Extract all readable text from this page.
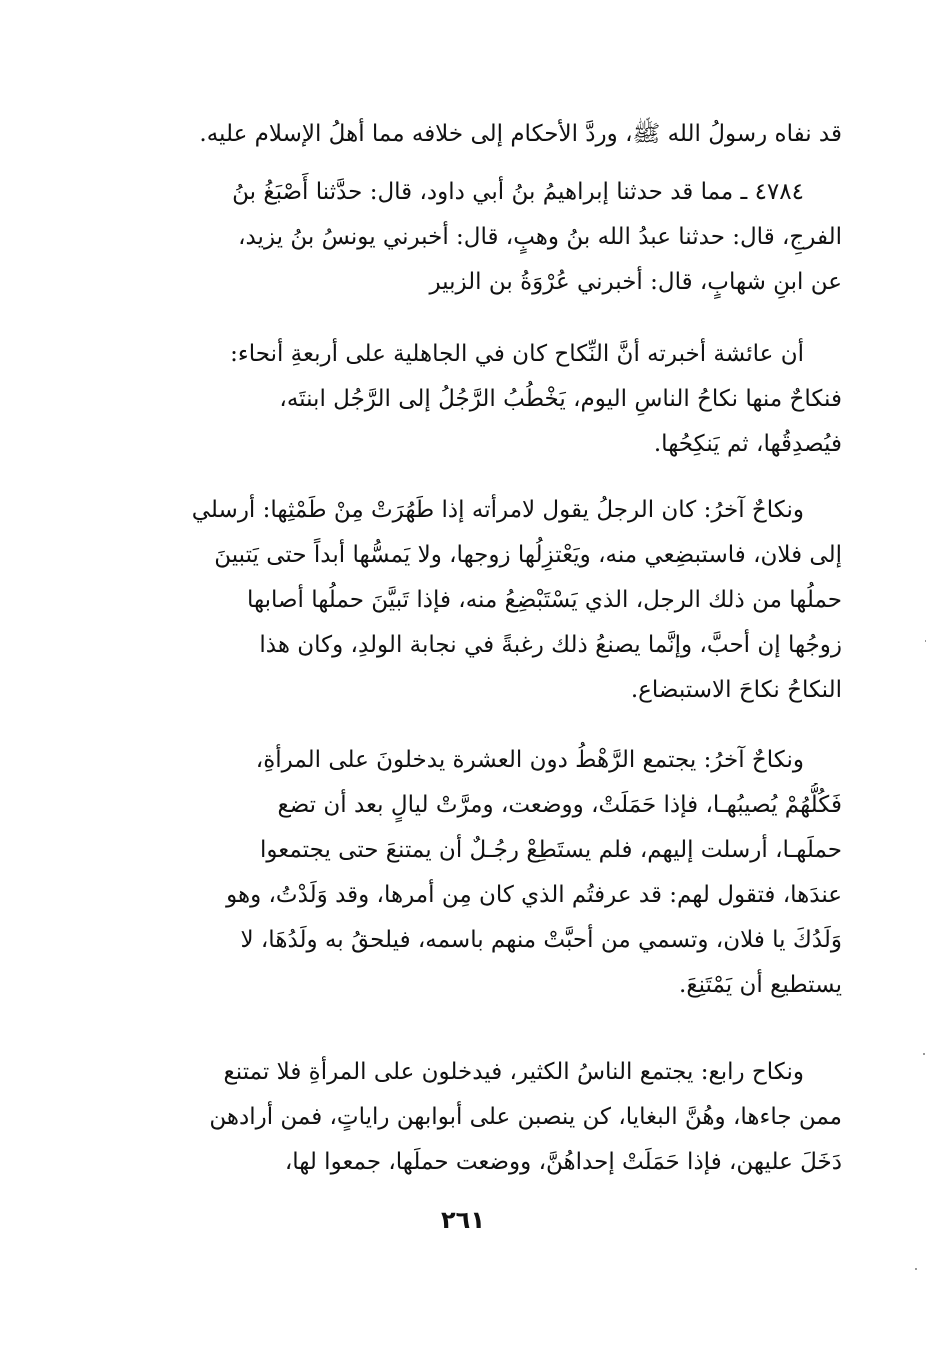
قد نفاه رسولُ الله ﷺ، وردَّ الأحكام إلى خلافه مما أهلُ الإسلام عليه.
٤٧٨٤ ـ مما قد حدثنا إبراهيمُ بنُ أبي داود، قال: حدَّثنا أَصْبَغُ بنُ
الفرجِ، قال: حدثنا عبدُ الله بنُ وهبٍ، قال: أخبرني يونسُ بنُ يزيد،
عن ابنِ شهابٍ، قال: أخبرني عُرْوَةُ بن الزبير
أن عائشة أخبرته أنَّ النِّكاح كان في الجاهلية على أربعةِ أنحاء:
فنكاحٌ منها نكاحُ الناسِ اليوم، يَخْطُبُ الرَّجُلُ إلى الرَّجُل ابنتَه،
فيُصدِقُها، ثم يَنكِحُها.
ونكاحٌ آخرُ: كان الرجلُ يقول لامرأته إذا طَهُرَتْ مِنْ طَمْثِها: أرسلي
إلى فلان، فاستبضِعي منه، ويَعْتزِلُها زوجها، ولا يَمسُّها أبداً حتى يَتبينَ
حملُها من ذلك الرجل، الذي يَسْتَبْضِعُ منه، فإذا تَبيَّنَ حملُها أصابها
زوجُها إن أحبَّ، وإنَّما يصنعُ ذلك رغبةً في نجابة الولدِ، وكان هذا
النكاحُ نكاحَ الاستبضاع.
ونكاحٌ آخرُ: يجتمع الرَّهْطُ دون العشرة يدخلونَ على المرأةِ،
فَكُلُّهُمْ يُصيبُهـا، فإذا حَمَلَتْ، ووضعت، ومرَّتْ ليالٍ بعد أن تضع
حملَهـا، أرسلت إليهم، فلم يستَطِعْ رجُـلٌ أن يمتنعَ حتى يجتمعوا
عندَها، فتقول لهم: قد عرفتُم الذي كان مِن أمرها، وقد وَلَدْتُ، وهو
وَلَدُكَ يا فلان، وتسمي من أحبَّتْ منهم باسمه، فيلحقُ به ولَدُهَا، لا
يستطيع أن يَمْتَنِعَ.
ونكاح رابع: يجتمع الناسُ الكثير، فيدخلون على المرأةِ فلا تمتنع
ممن جاءها، وهُنَّ البغايا، كن ينصبن على أبوابهن راياتٍ، فمن أرادهن
دَخَلَ عليهن، فإذا حَمَلَتْ إحداهُنَّ، ووضعت حملَها، جمعوا لها،
٢٦١
